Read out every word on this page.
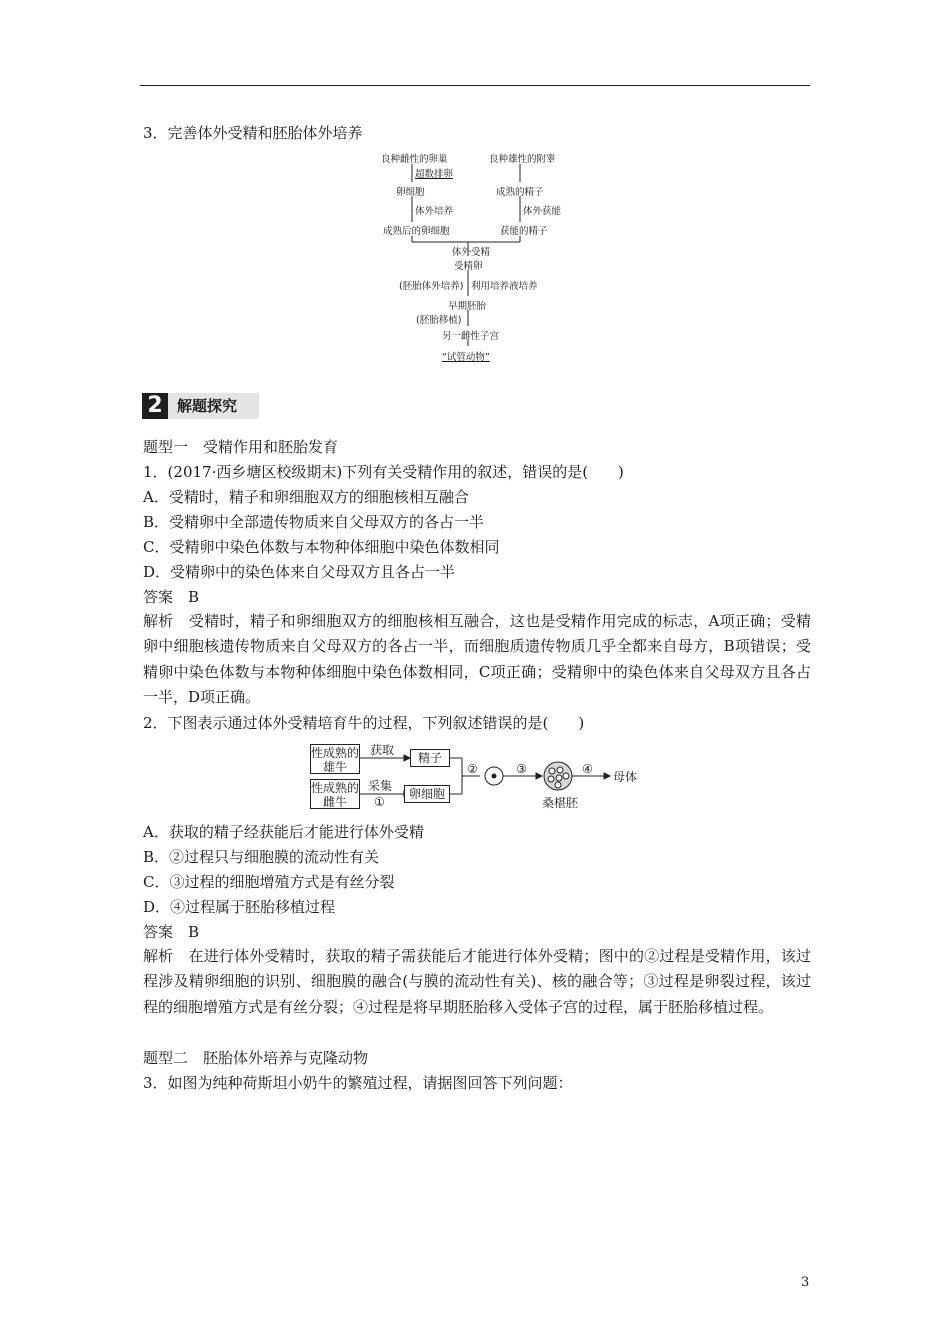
3．完善体外受精和胚胎体外培养
良种雌性的卵巢	良种雄性的附睾
超数排卵
卵细胞	成熟的精子
体外培养	体外获能
成熟后的卵细胞	获能的精子
体外受精
受精卵
(胚胎体外培养) 利用培养液培养
早期胚胎
(胚胎移植)
另一雌性子宫
“试管动物”
2 解题探究
题型一　受精作用和胚胎发育
1．(2017·西乡塘区校级期末)下列有关受精作用的叙述，错误的是(　　)
A．受精时，精子和卵细胞双方的细胞核相互融合
B．受精卵中全部遗传物质来自父母双方的各占一半
C．受精卵中染色体数与本物种体细胞中染色体数相同
D．受精卵中的染色体来自父母双方且各占一半
答案　B
解析　受精时，精子和卵细胞双方的细胞核相互融合，这也是受精作用完成的标志，A项正确；受精卵中细胞核遗传物质来自父母双方的各占一半，而细胞质遗传物质几乎全都来自母方，B项错误；受精卵中染色体数与本物种体细胞中染色体数相同，C项正确；受精卵中的染色体来自父母双方且各占一半，D项正确。
2．下图表示通过体外受精培育牛的过程，下列叙述错误的是(　　)
性成熟的雄牛
性成熟的雌牛
获取
采集
①
精子
卵细胞
②	③	④
桑椹胚
母体
A．获取的精子经获能后才能进行体外受精
B．②过程只与细胞膜的流动性有关
C．③过程的细胞增殖方式是有丝分裂
D．④过程属于胚胎移植过程
答案　B
解析　在进行体外受精时，获取的精子需获能后才能进行体外受精；图中的②过程是受精作用，该过程涉及精卵细胞的识别、细胞膜的融合(与膜的流动性有关)、核的融合等；③过程是卵裂过程，该过程的细胞增殖方式是有丝分裂；④过程是将早期胚胎移入受体子宫的过程，属于胚胎移植过程。
题型二　胚胎体外培养与克隆动物
3．如图为纯种荷斯坦小奶牛的繁殖过程，请据图回答下列问题：
3
